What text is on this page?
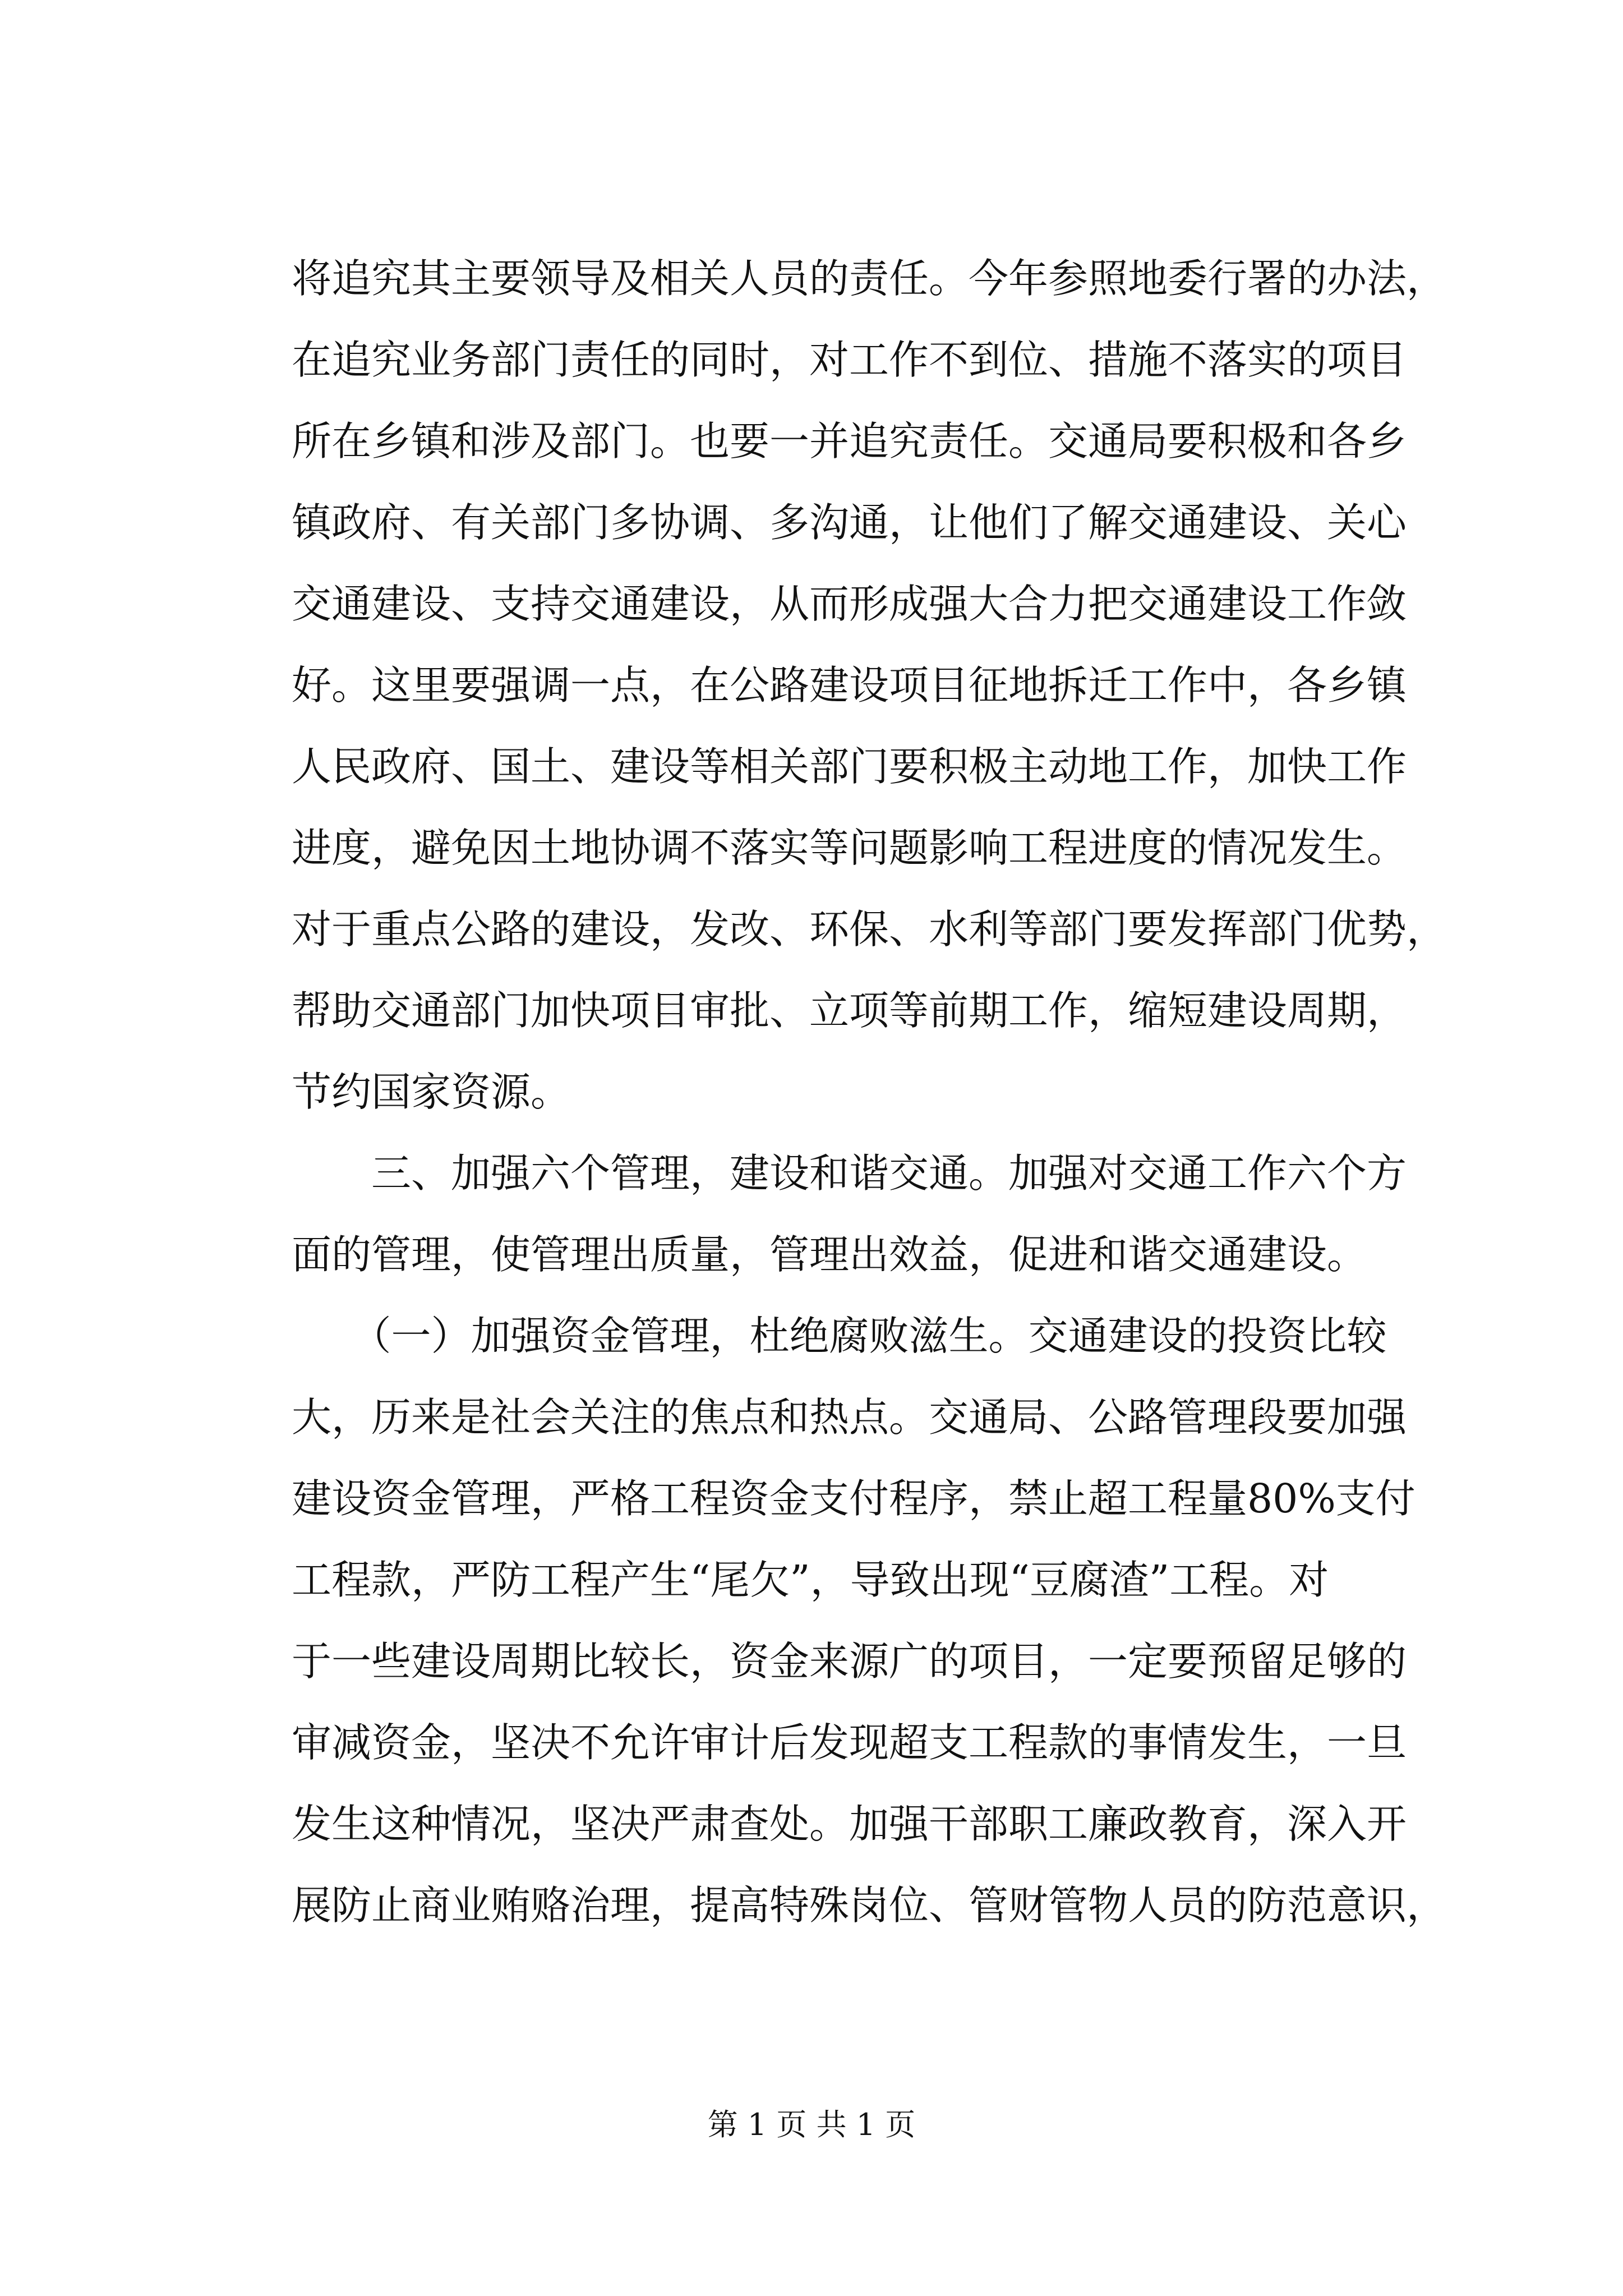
将追究其主要领导及相关人员的责任。今年参照地委行署的办法，
在追究业务部门责任的同时，对工作不到位、措施不落实的项目
所在乡镇和涉及部门。也要一并追究责任。交通局要积极和各乡
镇政府、有关部门多协调、多沟通，让他们了解交通建设、关心
交通建设、支持交通建设，从而形成强大合力把交通建设工作敛
好。这里要强调一点，在公路建设项目征地拆迁工作中，各乡镇
人民政府、国土、建设等相关部门要积极主动地工作，加快工作
进度，避免因土地协调不落实等问题影响工程进度的情况发生。
对于重点公路的建设，发改、环保、水利等部门要发挥部门优势，
帮助交通部门加快项目审批、立项等前期工作，缩短建设周期，
节约国家资源。
　　三、加强六个管理，建设和谐交通。加强对交通工作六个方
面的管理，使管理出质量，管理出效益，促进和谐交通建设。
　　（一）加强资金管理，杜绝腐败滋生。交通建设的投资比较
大，历来是社会关注的焦点和热点。交通局、公路管理段要加强
建设资金管理，严格工程资金支付程序，禁止超工程量80%支付
工程款，严防工程产生“尾欠”，导致出现“豆腐渣”工程。对
于一些建设周期比较长，资金来源广的项目，一定要预留足够的
审减资金，坚决不允许审计后发现超支工程款的事情发生，一旦
发生这种情况，坚决严肃查处。加强干部职工廉政教育，深入开
展防止商业贿赂治理，提高特殊岗位、管财管物人员的防范意识，
第 1 页 共 1 页
